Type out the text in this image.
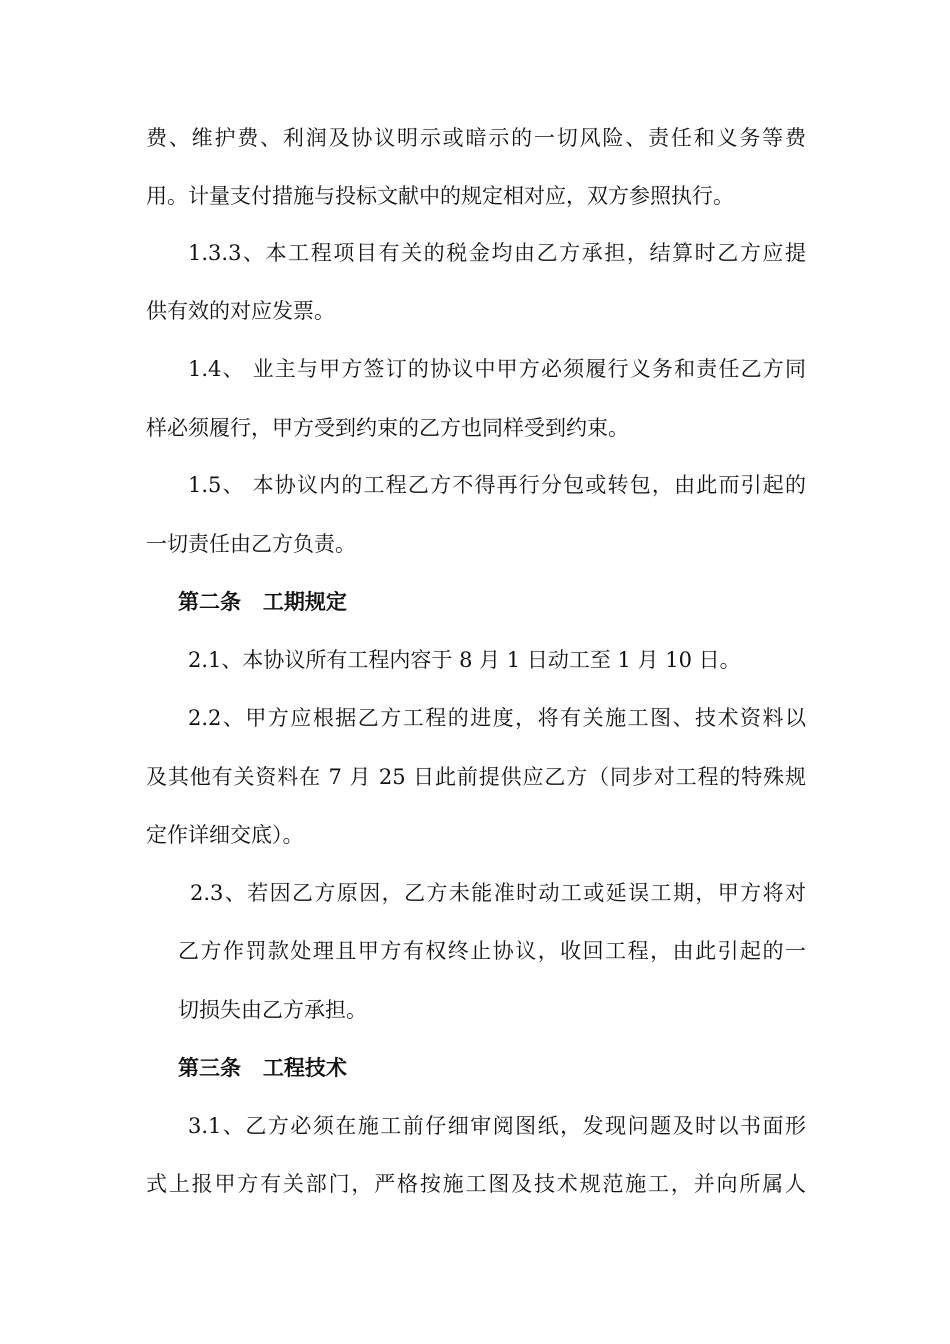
费、维护费、利润及协议明示或暗示的一切风险、责任和义务等费
用。计量支付措施与投标文献中的规定相对应，双方参照执行。
1.3.3、本工程项目有关的税金均由乙方承担，结算时乙方应提
供有效的对应发票。
1.4、 业主与甲方签订的协议中甲方必须履行义务和责任乙方同
样必须履行，甲方受到约束的乙方也同样受到约束。
1.5、 本协议内的工程乙方不得再行分包或转包，由此而引起的
一切责任由乙方负责。
第二条   工期规定
2.1、本协议所有工程内容于 8 月 1 日动工至 1 月 10 日。
2.2、甲方应根据乙方工程的进度，将有关施工图、技术资料以
及其他有关资料在 7 月 25 日此前提供应乙方（同步对工程的特殊规
定作详细交底）。
2.3、若因乙方原因，乙方未能准时动工或延误工期，甲方将对
乙方作罚款处理且甲方有权终止协议，收回工程，由此引起的一
切损失由乙方承担。
第三条   工程技术
3.1、乙方必须在施工前仔细审阅图纸，发现问题及时以书面形
式上报甲方有关部门，严格按施工图及技术规范施工，并向所属人
